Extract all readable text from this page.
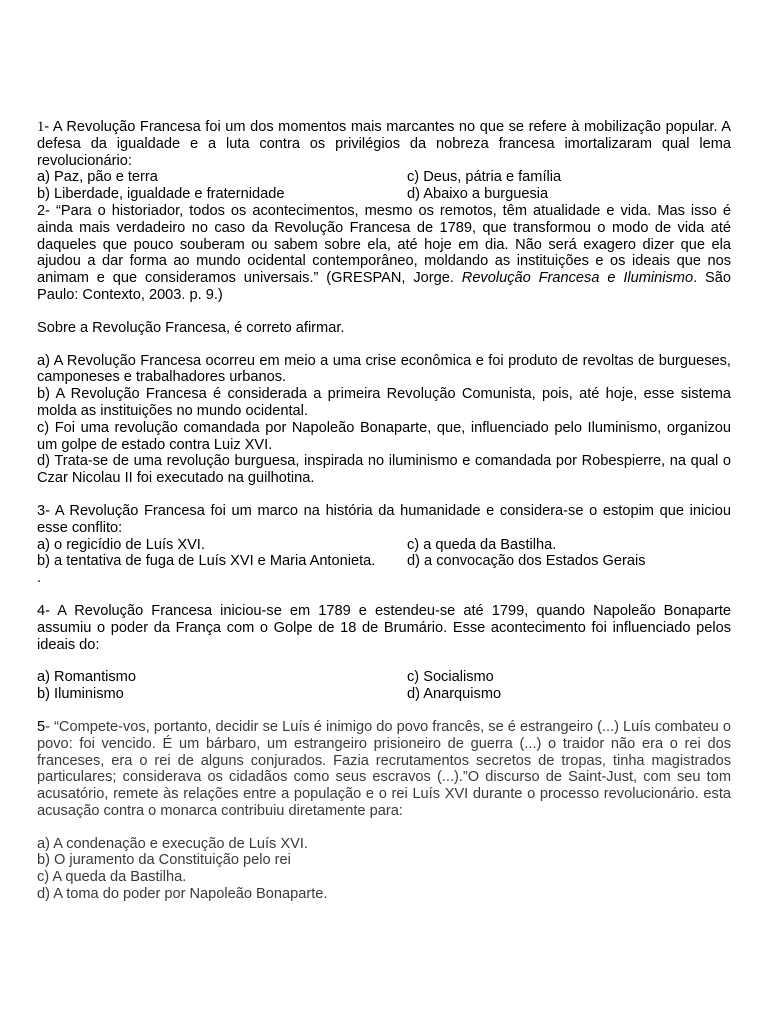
1- A Revolução Francesa foi um dos momentos mais marcantes no que se refere à mobilização popular. A defesa da igualdade e a luta contra os privilégios da nobreza francesa imortalizaram qual lema revolucionário:

a) Paz, pão e terra	c) Deus, pátria e família
b) Liberdade, igualdade e fraternidade	d) Abaixo a burguesia

2- “Para o historiador, todos os acontecimentos, mesmo os remotos, têm atualidade e vida. Mas isso é ainda mais verdadeiro no caso da Revolução Francesa de 1789, que transformou o modo de vida até daqueles que pouco souberam ou sabem sobre ela, até hoje em dia. Não será exagero dizer que ela ajudou a dar forma ao mundo ocidental contemporâneo, moldando as instituições e os ideais que nos animam e que consideramos universais.” (GRESPAN, Jorge. Revolução Francesa e Iluminismo. São Paulo: Contexto, 2003. p. 9.)

Sobre a Revolução Francesa, é correto afirmar.

a) A Revolução Francesa ocorreu em meio a uma crise econômica e foi produto de revoltas de burgueses, camponeses e trabalhadores urbanos.

b) A Revolução Francesa é considerada a primeira Revolução Comunista, pois, até hoje, esse sistema molda as instituições no mundo ocidental.

c) Foi uma revolução comandada por Napoleão Bonaparte, que, influenciado pelo Iluminismo, organizou um golpe de estado contra Luiz XVI.

d) Trata-se de uma revolução burguesa, inspirada no iluminismo e comandada por Robespierre, na qual o Czar Nicolau II foi executado na guilhotina.

3- A Revolução Francesa foi um marco na história da humanidade e considera-se o estopim que iniciou esse conflito:

a) o regicídio de Luís XVI.	c) a queda da Bastilha.
b) a tentativa de fuga de Luís XVI e Maria Antonieta.	d) a convocação dos Estados Gerais

.

4- A Revolução Francesa iniciou-se em 1789 e estendeu-se até 1799, quando Napoleão Bonaparte assumiu o poder da França com o Golpe de 18 de Brumário. Esse acontecimento foi influenciado pelos ideais do:

a) Romantismo	c) Socialismo
b) Iluminismo	d) Anarquismo

5- “Compete-vos, portanto, decidir se Luís é inimigo do povo francês, se é estrangeiro (...) Luís combateu o povo: foi vencido. É um bárbaro, um estrangeiro prisioneiro de guerra (...) o traidor não era o rei dos franceses, era o rei de alguns conjurados. Fazia recrutamentos secretos de tropas, tinha magistrados particulares; considerava os cidadãos como seus escravos (...).”O discurso de Saint-Just, com seu tom acusatório, remete às relações entre a população e o rei Luís XVI durante o processo revolucionário. esta acusação contra o monarca contribuiu diretamente para:

a) A condenação e execução de Luís XVI.

b) O juramento da Constituição pelo rei

c) A queda da Bastilha.

d) A toma do poder por Napoleão Bonaparte.
